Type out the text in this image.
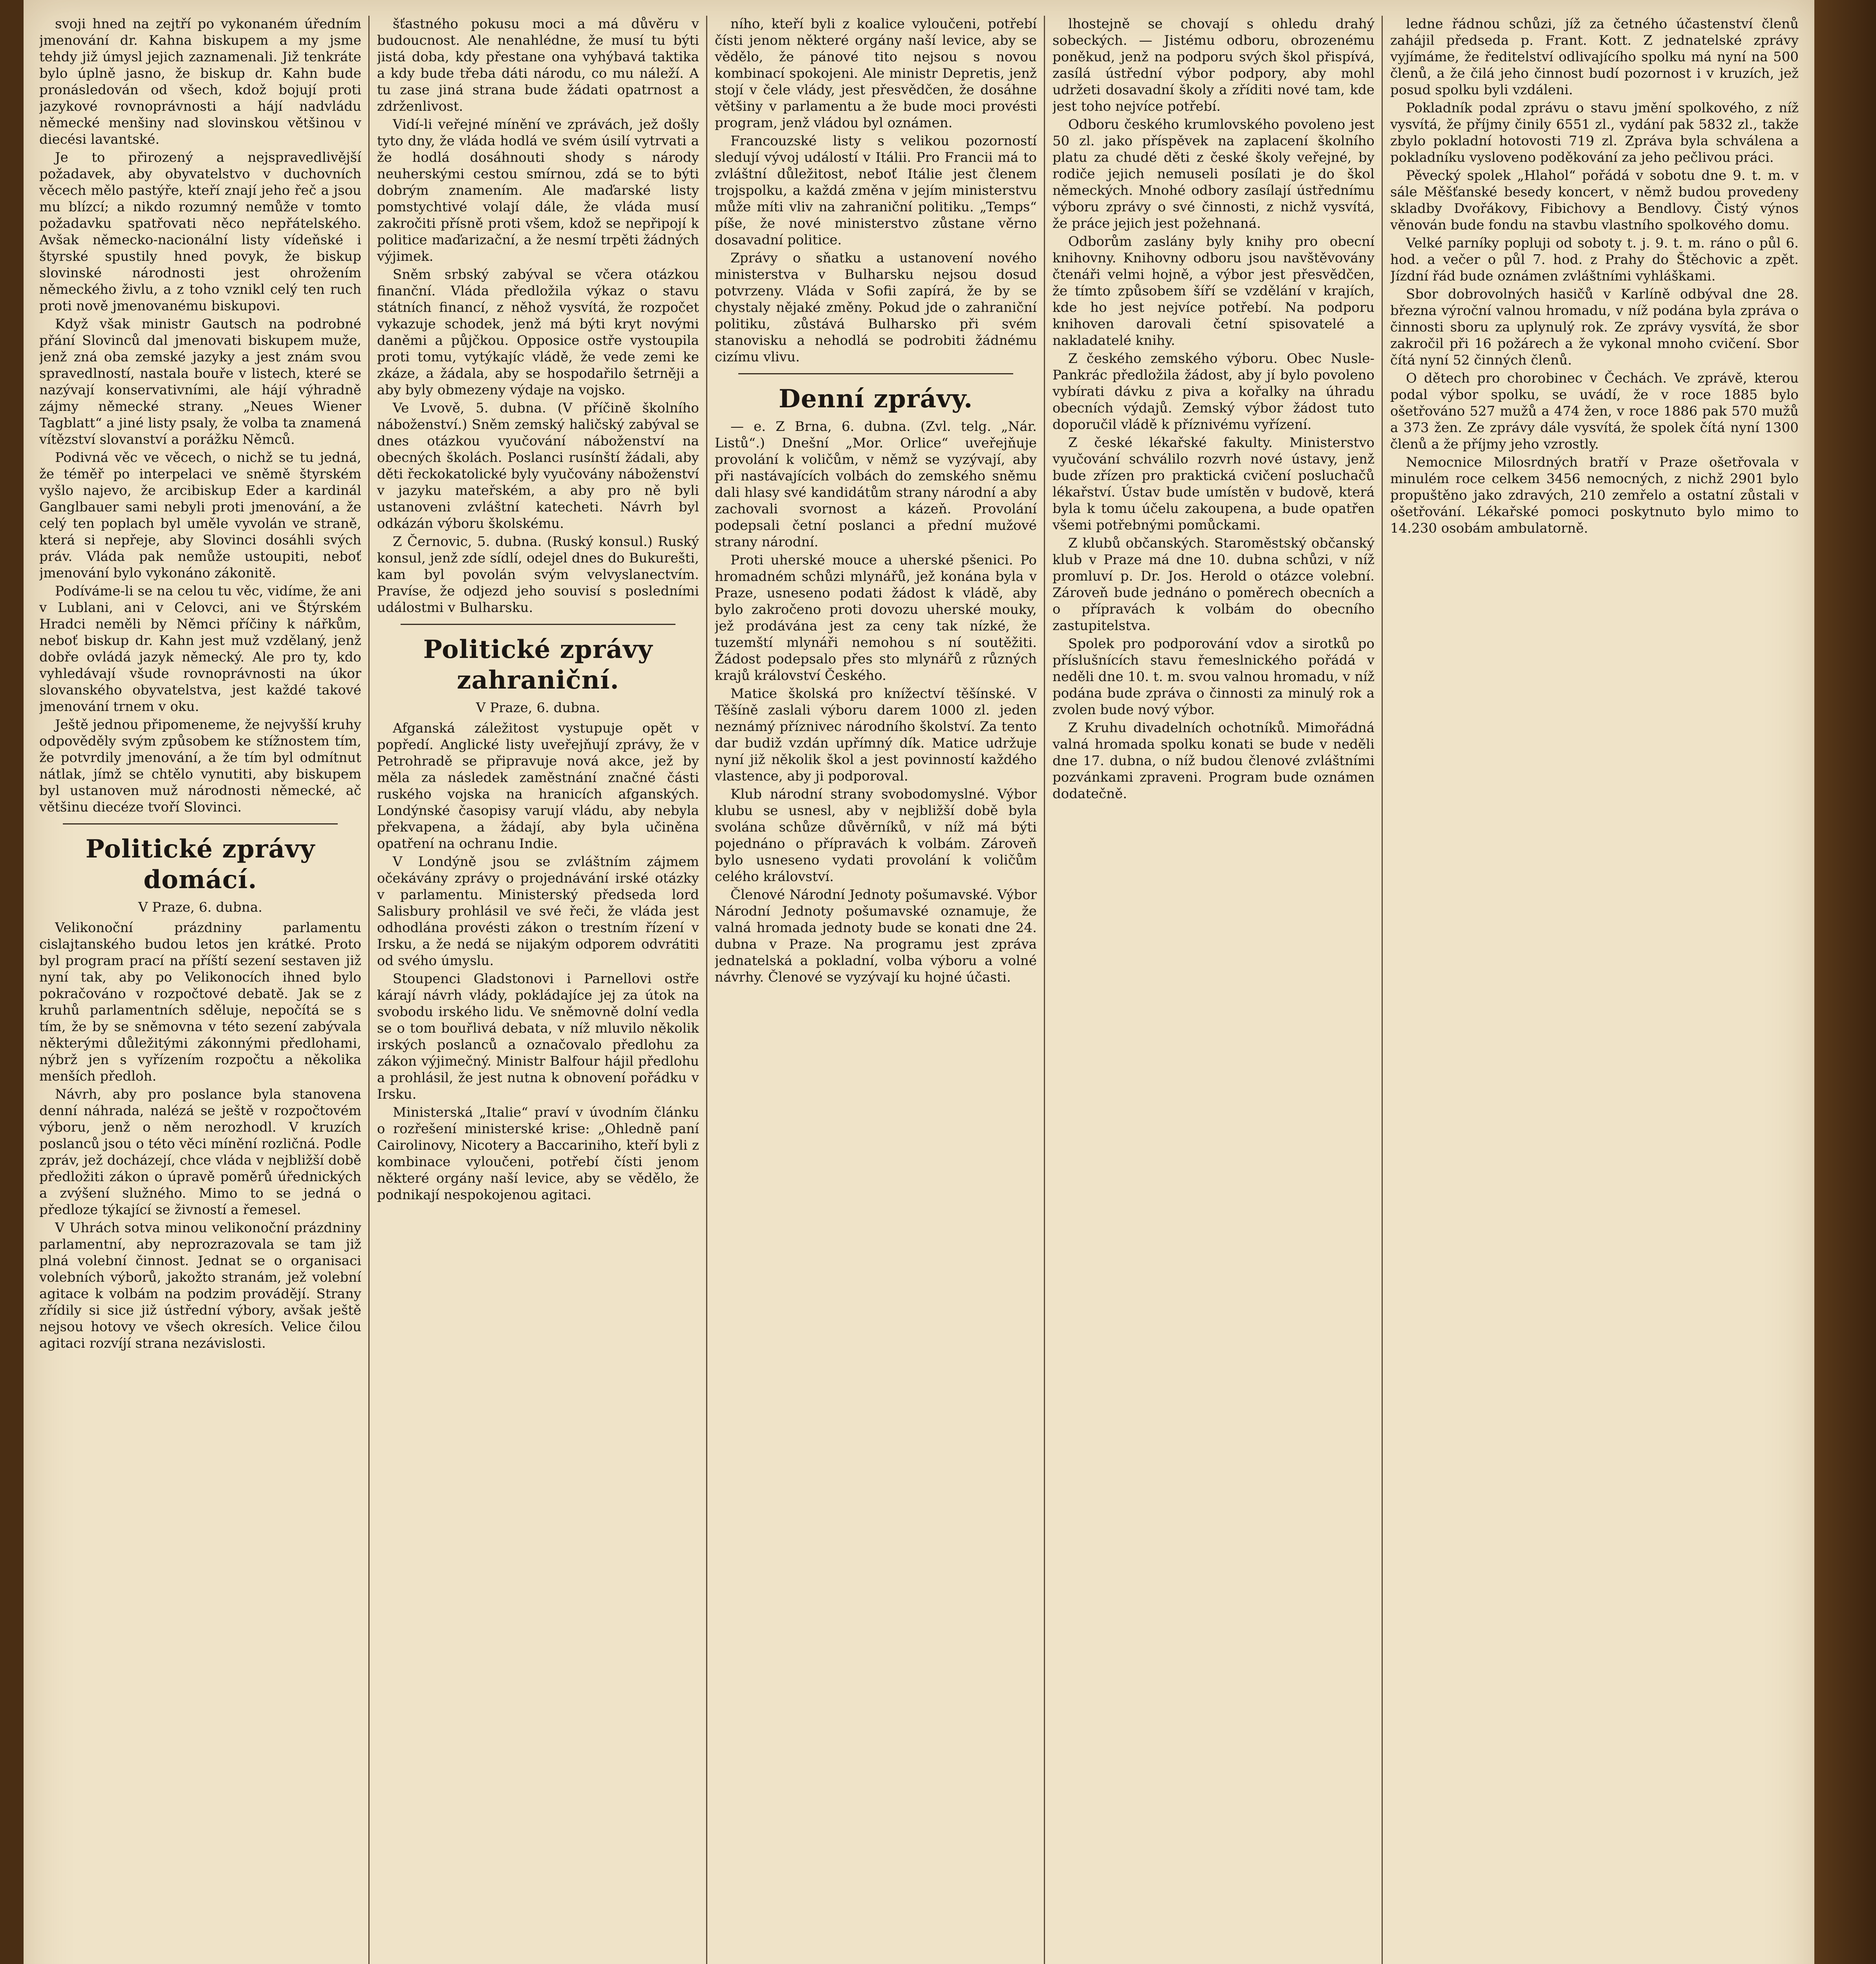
svoji hned na zejtří po vykonaném úředním jmenování dr. Kahna biskupem a my jsme tehdy již úmysl jejich zaznamenali. Již tenkráte bylo úplně jasno, že biskup dr. Kahn bude pronásledován od všech, kdož bojují proti jazykové rovnoprávnosti a hájí nadvládu německé menšiny nad slovinskou většinou v diecési lavantské.

Je to přirozený a nejspravedlivější požadavek, aby obyvatelstvo v duchovních věcech mělo pastýře, kteří znají jeho řeč a jsou mu blízcí; a nikdo rozumný nemůže v tomto požadavku spatřovati něco nepřátelského. Avšak německo-nacionální listy vídeňské i štyrské spustily hned povyk, že biskup slovinské národnosti jest ohrožením německého živlu, a z toho vznikl celý ten ruch proti nově jmenovanému biskupovi.

Když však ministr Gautsch na podrobné přání Slovinců dal jmenovati biskupem muže, jenž zná oba zemské jazyky a jest znám svou spravedlností, nastala bouře v listech, které se nazývají konservativními, ale hájí výhradně zájmy německé strany. „Neues Wiener Tagblatt“ a jiné listy psaly, že volba ta znamená vítězství slovanství a porážku Němců.

Podivná věc ve věcech, o nichž se tu jedná, že téměř po interpelaci ve sněmě štyrském vyšlo najevo, že arcibiskup Eder a kardinál Ganglbauer sami nebyli proti jmenování, a že celý ten poplach byl uměle vyvolán ve straně, která si nepřeje, aby Slovinci dosáhli svých práv. Vláda pak nemůže ustoupiti, neboť jmenování bylo vykonáno zákonitě.

Podíváme-li se na celou tu věc, vidíme, že ani v Lublani, ani v Celovci, ani ve Štýrském Hradci neměli by Němci příčiny k nářkům, neboť biskup dr. Kahn jest muž vzdělaný, jenž dobře ovládá jazyk německý. Ale pro ty, kdo vyhledávají všude rovnoprávnosti na úkor slovanského obyvatelstva, jest každé takové jmenování trnem v oku.

Ještě jednou připomeneme, že nejvyšší kruhy odpověděly svým způsobem ke stížnostem tím, že potvrdily jmenování, a že tím byl odmítnut nátlak, jímž se chtělo vynutiti, aby biskupem byl ustanoven muž národnosti německé, ač většinu diecéze tvoří Slovinci.

Politické zprávy domácí.
V Praze, 6. dubna.

Velikonoční prázdniny parlamentu cislajtanského budou letos jen krátké. Proto byl program prací na příští sezení sestaven již nyní tak, aby po Velikonocích ihned bylo pokračováno v rozpočtové debatě. Jak se z kruhů parlamentních sděluje, nepočítá se s tím, že by se sněmovna v této sezení zabývala některými důležitými zákonnými předlohami, nýbrž jen s vyřízením rozpočtu a několika menších předloh.

Návrh, aby pro poslance byla stanovena denní náhrada, nalézá se ještě v rozpočtovém výboru, jenž o něm nerozhodl. V kruzích poslanců jsou o této věci mínění rozličná. Podle zpráv, jež docházejí, chce vláda v nejbližší době předložiti zákon o úpravě poměrů úřednických a zvýšení služného. Mimo to se jedná o předloze týkající se živností a řemesel.

V Uhrách sotva minou velikonoční prázdniny parlamentní, aby neprozrazovala se tam již plná volební činnost. Jednat se o organisaci volebních výborů, jakožto stranám, jež volební agitace k volbám na podzim provádějí. Strany zřídily si sice již ústřední výbory, avšak ještě nejsou hotovy ve všech okresích. Velice čilou agitaci rozvíjí strana nezávislosti.

šťastného pokusu moci a má důvěru v budoucnost. Ale nenahlédne, že musí tu býti jistá doba, kdy přestane ona vyhýbavá taktika a kdy bude třeba dáti národu, co mu náleží. A tu zase jiná strana bude žádati opatrnost a zdrženlivost.

Vidí-li veřejné mínění ve zprávách, jež došly tyto dny, že vláda hodlá ve svém úsilí vytrvati a že hodlá dosáhnouti shody s národy neuherskými cestou smírnou, zdá se to býti dobrým znamením. Ale maďarské listy pomstychtivé volají dále, že vláda musí zakročiti přísně proti všem, kdož se nepřipojí k politice maďarizační, a že nesmí trpěti žádných výjimek.

Sněm srbský zabýval se včera otázkou finanční. Vláda předložila výkaz o stavu státních financí, z něhož vysvítá, že rozpočet vykazuje schodek, jenž má býti kryt novými daněmi a půjčkou. Opposice ostře vystoupila proti tomu, vytýkajíc vládě, že vede zemi ke zkáze, a žádala, aby se hospodařilo šetrněji a aby byly obmezeny výdaje na vojsko.

Ve Lvově, 5. dubna. (V příčině školního náboženství.) Sněm zemský haličský zabýval se dnes otázkou vyučování náboženství na obecných školách. Poslanci rusínští žádali, aby děti řeckokatolické byly vyučovány náboženství v jazyku mateřském, a aby pro ně byli ustanoveni zvláštní katecheti. Návrh byl odkázán výboru školskému.

Z Černovic, 5. dubna. (Ruský konsul.) Ruský konsul, jenž zde sídlí, odejel dnes do Bukurešti, kam byl povolán svým velvyslanectvím. Pravíse, že odjezd jeho souvisí s posledními událostmi v Bulharsku.

Politické zprávy zahraniční.
V Praze, 6. dubna.

Afganská záležitost vystupuje opět v popředí. Anglické listy uveřejňují zprávy, že v Petrohradě se připravuje nová akce, jež by měla za následek zaměstnání značné části ruského vojska na hranicích afganských. Londýnské časopisy varují vládu, aby nebyla překvapena, a žádají, aby byla učiněna opatření na ochranu Indie.

V Londýně jsou se zvláštním zájmem očekávány zprávy o projednávání irské otázky v parlamentu. Ministerský předseda lord Salisbury prohlásil ve své řeči, že vláda jest odhodlána provésti zákon o trestním řízení v Irsku, a že nedá se nijakým odporem odvrátiti od svého úmyslu.

Stoupenci Gladstonovi i Parnellovi ostře kárají návrh vlády, pokládajíce jej za útok na svobodu irského lidu. Ve sněmovně dolní vedla se o tom bouřlivá debata, v níž mluvilo několik irských poslanců a označovalo předlohu za zákon výjimečný. Ministr Balfour hájil předlohu a prohlásil, že jest nutna k obnovení pořádku v Irsku.

Ministerská „Italie“ praví v úvodním článku o rozřešení ministerské krise: „Ohledně paní Cairolinovy, Nicotery a Baccariniho, kteří byli z kombinace vyloučeni, potřebí čísti jenom některé orgány naší levice, aby se vědělo, že podnikají nespokojenou agitaci.

ního, kteří byli z koalice vyloučeni, potřebí čísti jenom některé orgány naší levice, aby se vědělo, že pánové tito nejsou s novou kombinací spokojeni. Ale ministr Depretis, jenž stojí v čele vlády, jest přesvědčen, že dosáhne většiny v parlamentu a že bude moci provésti program, jenž vládou byl oznámen.

Francouzské listy s velikou pozorností sledují vývoj událostí v Itálii. Pro Francii má to zvláštní důležitost, neboť Itálie jest členem trojspolku, a každá změna v jejím ministerstvu může míti vliv na zahraniční politiku. „Temps“ píše, že nové ministerstvo zůstane věrno dosavadní politice.

Zprávy o sňatku a ustanovení nového ministerstva v Bulharsku nejsou dosud potvrzeny. Vláda v Sofii zapírá, že by se chystaly nějaké změny. Pokud jde o zahraniční politiku, zůstává Bulharsko při svém stanovisku a nehodlá se podrobiti žádnému cizímu vlivu.

Denní zprávy.

— e. Z Brna, 6. dubna. (Zvl. telg. „Nár. Listů“.) Dnešní „Mor. Orlice“ uveřejňuje provolání k voličům, v němž se vyzývají, aby při nastávajících volbách do zemského sněmu dali hlasy své kandidátům strany národní a aby zachovali svornost a kázeň. Provolání podepsali četní poslanci a přední mužové strany národní.

Proti uherské mouce a uherské pšenici. Po hromadném schůzi mlynářů, jež konána byla v Praze, usneseno podati žádost k vládě, aby bylo zakročeno proti dovozu uherské mouky, jež prodávána jest za ceny tak nízké, že tuzemští mlynáři nemohou s ní soutěžiti. Žádost podepsalo přes sto mlynářů z různých krajů království Českého.

Matice školská pro knížectví těšínské. V Těšíně zaslali výboru darem 1000 zl. jeden neznámý příznivec národního školství. Za tento dar budiž vzdán upřímný dík. Matice udržuje nyní již několik škol a jest povinností každého vlastence, aby ji podporoval.

Klub národní strany svobodomyslné. Výbor klubu se usnesl, aby v nejbližší době byla svolána schůze důvěrníků, v níž má býti pojednáno o přípravách k volbám. Zároveň bylo usneseno vydati provolání k voličům celého království.

Členové Národní Jednoty pošumavské. Výbor Národní Jednoty pošumavské oznamuje, že valná hromada jednoty bude se konati dne 24. dubna v Praze. Na programu jest zpráva jednatelská a pokladní, volba výboru a volné návrhy. Členové se vyzývají ku hojné účasti.

lhostejně se chovají s ohledu drahý sobeckých. — Jistému odboru, obrozenému poněkud, jenž na podporu svých škol přispívá, zasílá ústřední výbor podpory, aby mohl udržeti dosavadní školy a zříditi nové tam, kde jest toho nejvíce potřebí.

Odboru českého krumlovského povoleno jest 50 zl. jako příspěvek na zaplacení školního platu za chudé děti z české školy veřejné, by rodiče jejich nemuseli posílati je do škol německých. Mnohé odbory zasílají ústřednímu výboru zprávy o své činnosti, z nichž vysvítá, že práce jejich jest požehnaná.

Odborům zaslány byly knihy pro obecní knihovny. Knihovny odboru jsou navštěvovány čtenáři velmi hojně, a výbor jest přesvědčen, že tímto způsobem šíří se vzdělání v krajích, kde ho jest nejvíce potřebí. Na podporu knihoven darovali četní spisovatelé a nakladatelé knihy.

Z českého zemského výboru. Obec Nusle-Pankrác předložila žádost, aby jí bylo povoleno vybírati dávku z piva a kořalky na úhradu obecních výdajů. Zemský výbor žádost tuto doporučil vládě k příznivému vyřízení.

Z české lékařské fakulty. Ministerstvo vyučování schválilo rozvrh nové ústavy, jenž bude zřízen pro praktická cvičení posluchačů lékařství. Ústav bude umístěn v budově, která byla k tomu účelu zakoupena, a bude opatřen všemi potřebnými pomůckami.

Z klubů občanských. Staroměstský občanský klub v Praze má dne 10. dubna schůzi, v níž promluví p. Dr. Jos. Herold o otázce volební. Zároveň bude jednáno o poměrech obecních a o přípravách k volbám do obecního zastupitelstva.

Spolek pro podporování vdov a sirotků po příslušnících stavu řemeslnického pořádá v neděli dne 10. t. m. svou valnou hromadu, v níž podána bude zpráva o činnosti za minulý rok a zvolen bude nový výbor.

Z Kruhu divadelních ochotníků. Mimořádná valná hromada spolku konati se bude v neděli dne 17. dubna, o níž budou členové zvláštními pozvánkami zpraveni. Program bude oznámen dodatečně.

ledne řádnou schůzi, jíž za četného účastenství členů zahájil předseda p. Frant. Kott. Z jednatelské zprávy vyjímáme, že ředitelství odlivajícího spolku má nyní na 500 členů, a že čilá jeho činnost budí pozornost i v kruzích, jež posud spolku byli vzdáleni.

Pokladník podal zprávu o stavu jmění spolkového, z níž vysvítá, že příjmy činily 6551 zl., vydání pak 5832 zl., takže zbylo pokladní hotovosti 719 zl. Zpráva byla schválena a pokladníku vysloveno poděkování za jeho pečlivou práci.

Pěvecký spolek „Hlahol“ pořádá v sobotu dne 9. t. m. v sále Měšťanské besedy koncert, v němž budou provedeny skladby Dvořákovy, Fibichovy a Bendlovy. Čistý výnos věnován bude fondu na stavbu vlastního spolkového domu.

Velké parníky popluji od soboty t. j. 9. t. m. ráno o půl 6. hod. a večer o půl 7. hod. z Prahy do Štěchovic a zpět. Jízdní řád bude oznámen zvláštními vyhláškami.

Sbor dobrovolných hasičů v Karlíně odbýval dne 28. března výroční valnou hromadu, v níž podána byla zpráva o činnosti sboru za uplynulý rok. Ze zprávy vysvítá, že sbor zakročil při 16 požárech a že vykonal mnoho cvičení. Sbor čítá nyní 52 činných členů.

O dětech pro chorobinec v Čechách. Ve zprávě, kterou podal výbor spolku, se uvádí, že v roce 1885 bylo ošetřováno 527 mužů a 474 žen, v roce 1886 pak 570 mužů a 373 žen. Ze zprávy dále vysvítá, že spolek čítá nyní 1300 členů a že příjmy jeho vzrostly.

Nemocnice Milosrdných bratří v Praze ošetřovala v minulém roce celkem 3456 nemocných, z nichž 2901 bylo propuštěno jako zdravých, 210 zemřelo a ostatní zůstali v ošetřování. Lékařské pomoci poskytnuto bylo mimo to 14.230 osobám ambulatorně.
